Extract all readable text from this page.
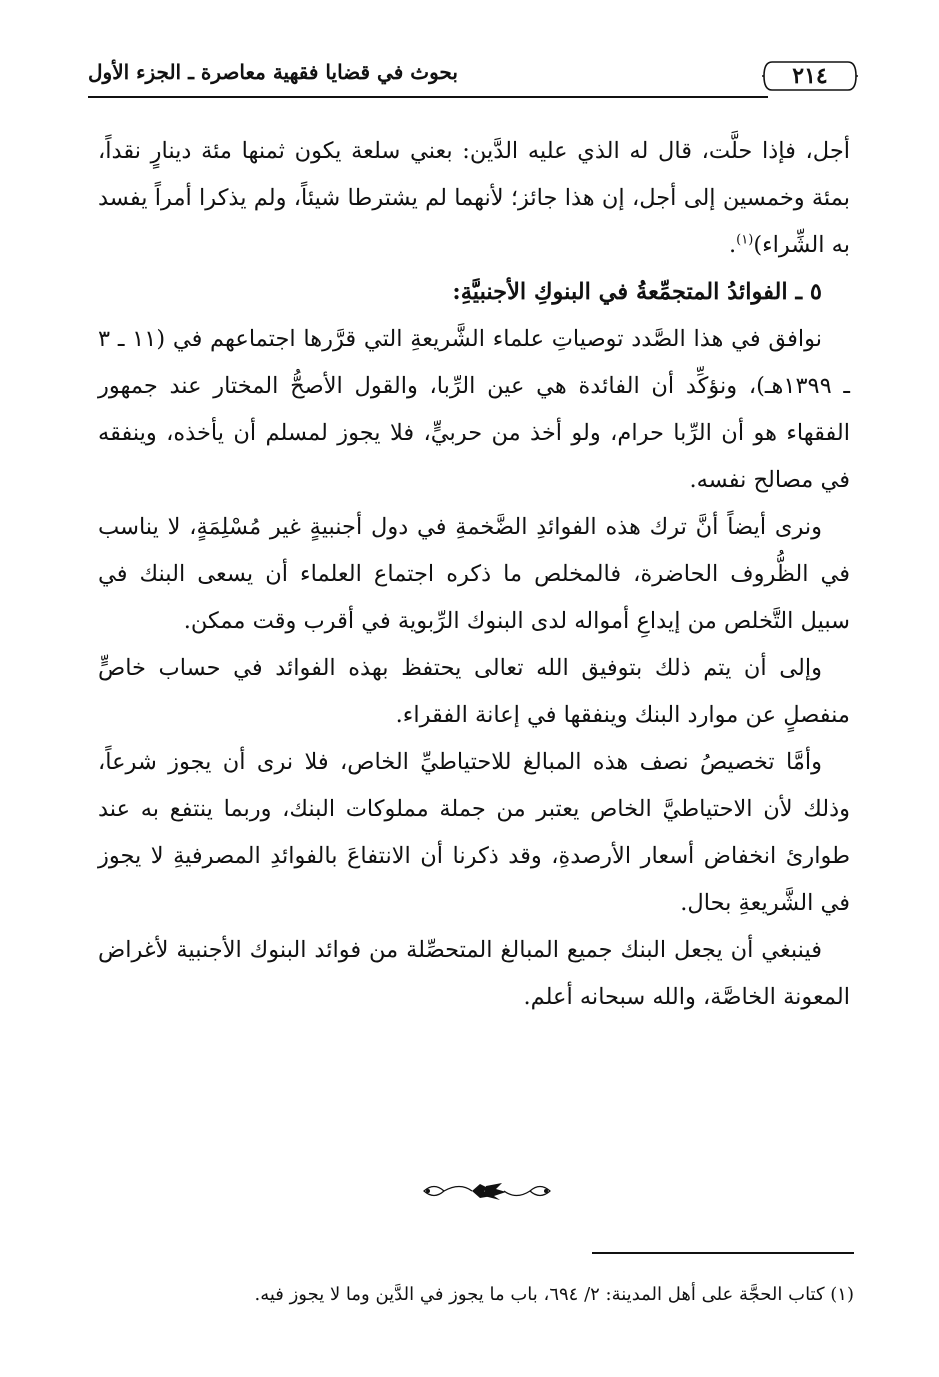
٢١٤
بحوث في قضايا فقهية معاصرة ـ الجزء الأول

أجل، فإذا حلَّت، قال له الذي عليه الدَّين: بعني سلعة يكون ثمنها مئة دينارٍ نقداً، بمئة وخمسين إلى أجل، إن هذا جائز؛ لأنهما لم يشترطا شيئاً، ولم يذكرا أمراً يفسد به الشِّراء)$^{(١)}$.

٥ ـ الفوائدُ المتجمِّعةُ في البنوكِ الأجنبيَّةِ:

نوافق في هذا الصَّدد توصياتِ علماء الشَّريعةِ التي قرَّرها اجتماعهم في (١١ ـ ٣ ـ ١٣٩٩هـ)، ونؤكِّد أن الفائدة هي عين الرِّبا، والقول الأصحُّ المختار عند جمهور الفقهاء هو أن الرِّبا حرام، ولو أخذ من حربيٍّ، فلا يجوز لمسلم أن يأخذه، وينفقه في مصالح نفسه.

ونرى أيضاً أنَّ ترك هذه الفوائدِ الضَّخمةِ في دول أجنبيةٍ غير مُسْلِمَةٍ، لا يناسب في الظُّروف الحاضرة، فالمخلص ما ذكره اجتماع العلماء أن يسعى البنك في سبيل التَّخلص من إيداعِ أمواله لدى البنوك الرِّبوية في أقرب وقت ممكن.

وإلى أن يتم ذلك بتوفيق الله تعالى يحتفظ بهذه الفوائد في حساب خاصٍّ منفصلٍ عن موارد البنك وينفقها في إعانة الفقراء.

وأمَّا تخصيصُ نصف هذه المبالغ للاحتياطيِّ الخاص، فلا نرى أن يجوز شرعاً، وذلك لأن الاحتياطيَّ الخاص يعتبر من جملة مملوكات البنك، وربما ينتفع به عند طوارئ انخفاض أسعار الأرصدةِ، وقد ذكرنا أن الانتفاعَ بالفوائدِ المصرفيةِ لا يجوز في الشَّريعةِ بحال.

فينبغي أن يجعل البنك جميع المبالغ المتحصِّلة من فوائد البنوك الأجنبية لأغراض المعونة الخاصَّة، والله سبحانه أعلم.

(١) كتاب الحجَّة على أهل المدينة: ٢/ ٦٩٤، باب ما يجوز في الدَّين وما لا يجوز فيه.
